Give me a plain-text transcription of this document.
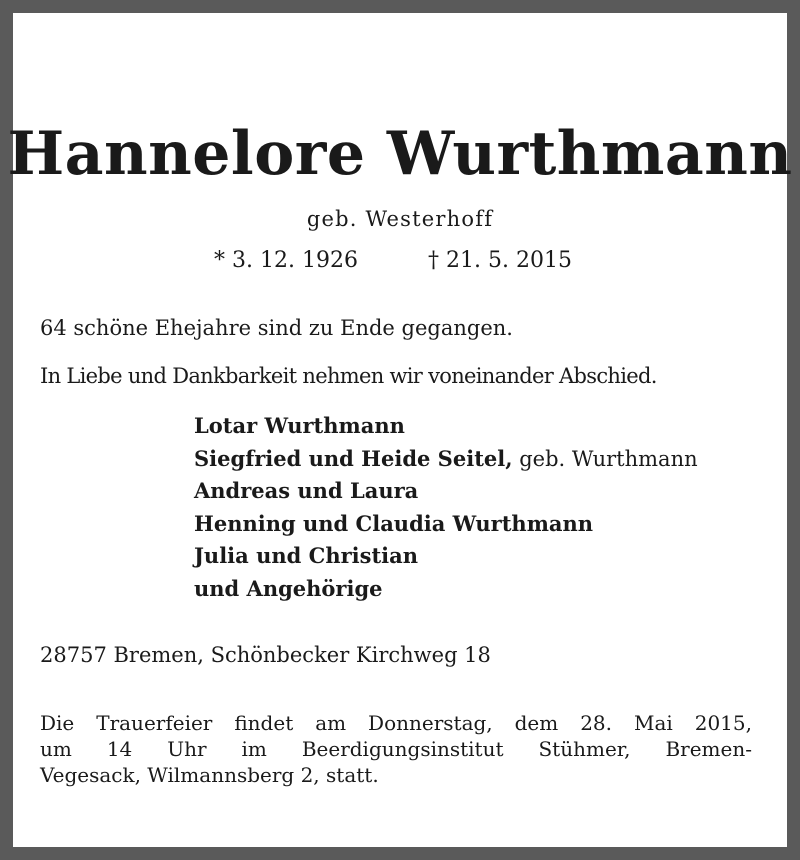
Hannelore Wurthmann
geb. Westerhoff
* 3. 12. 1926	† 21. 5. 2015
64 schöne Ehejahre sind zu Ende gegangen.
In Liebe und Dankbarkeit nehmen wir voneinander Abschied.
Lotar Wurthmann
Siegfried und Heide Seitel, geb. Wurthmann
Andreas und Laura
Henning und Claudia Wurthmann
Julia und Christian
und Angehörige
28757 Bremen, Schönbecker Kirchweg 18
Die Trauerfeier findet am Donnerstag, dem 28. Mai 2015,
um 14 Uhr im Beerdigungsinstitut Stühmer, Bremen-
Vegesack, Wilmannsberg 2, statt.
